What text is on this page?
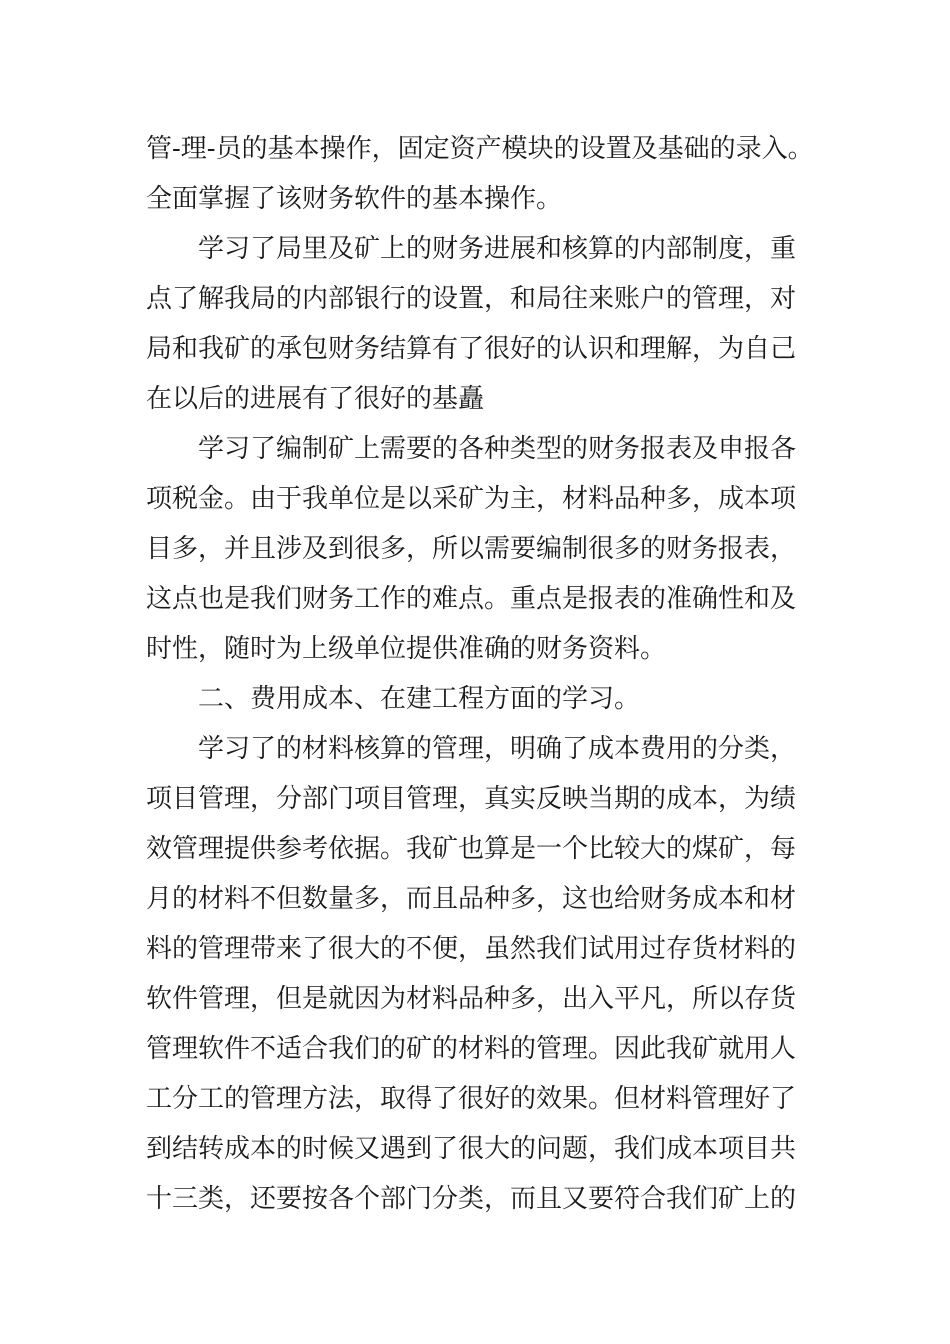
管-理-员的基本操作，固定资产模块的设置及基础的录入。
全面掌握了该财务软件的基本操作。
学习了局里及矿上的财务进展和核算的内部制度，重
点了解我局的内部银行的设置，和局往来账户的管理，对
局和我矿的承包财务结算有了很好的认识和理解，为自己
在以后的进展有了很好的基矗
学习了编制矿上需要的各种类型的财务报表及申报各
项税金。由于我单位是以采矿为主，材料品种多，成本项
目多，并且涉及到很多，所以需要编制很多的财务报表，
这点也是我们财务工作的难点。重点是报表的准确性和及
时性，随时为上级单位提供准确的财务资料。
二、费用成本、在建工程方面的学习。
学习了的材料核算的管理，明确了成本费用的分类，
项目管理，分部门项目管理，真实反映当期的成本，为绩
效管理提供参考依据。我矿也算是一个比较大的煤矿，每
月的材料不但数量多，而且品种多，这也给财务成本和材
料的管理带来了很大的不便，虽然我们试用过存货材料的
软件管理，但是就因为材料品种多，出入平凡，所以存货
管理软件不适合我们的矿的材料的管理。因此我矿就用人
工分工的管理方法，取得了很好的效果。但材料管理好了
到结转成本的时候又遇到了很大的问题，我们成本项目共
十三类，还要按各个部门分类，而且又要符合我们矿上的
